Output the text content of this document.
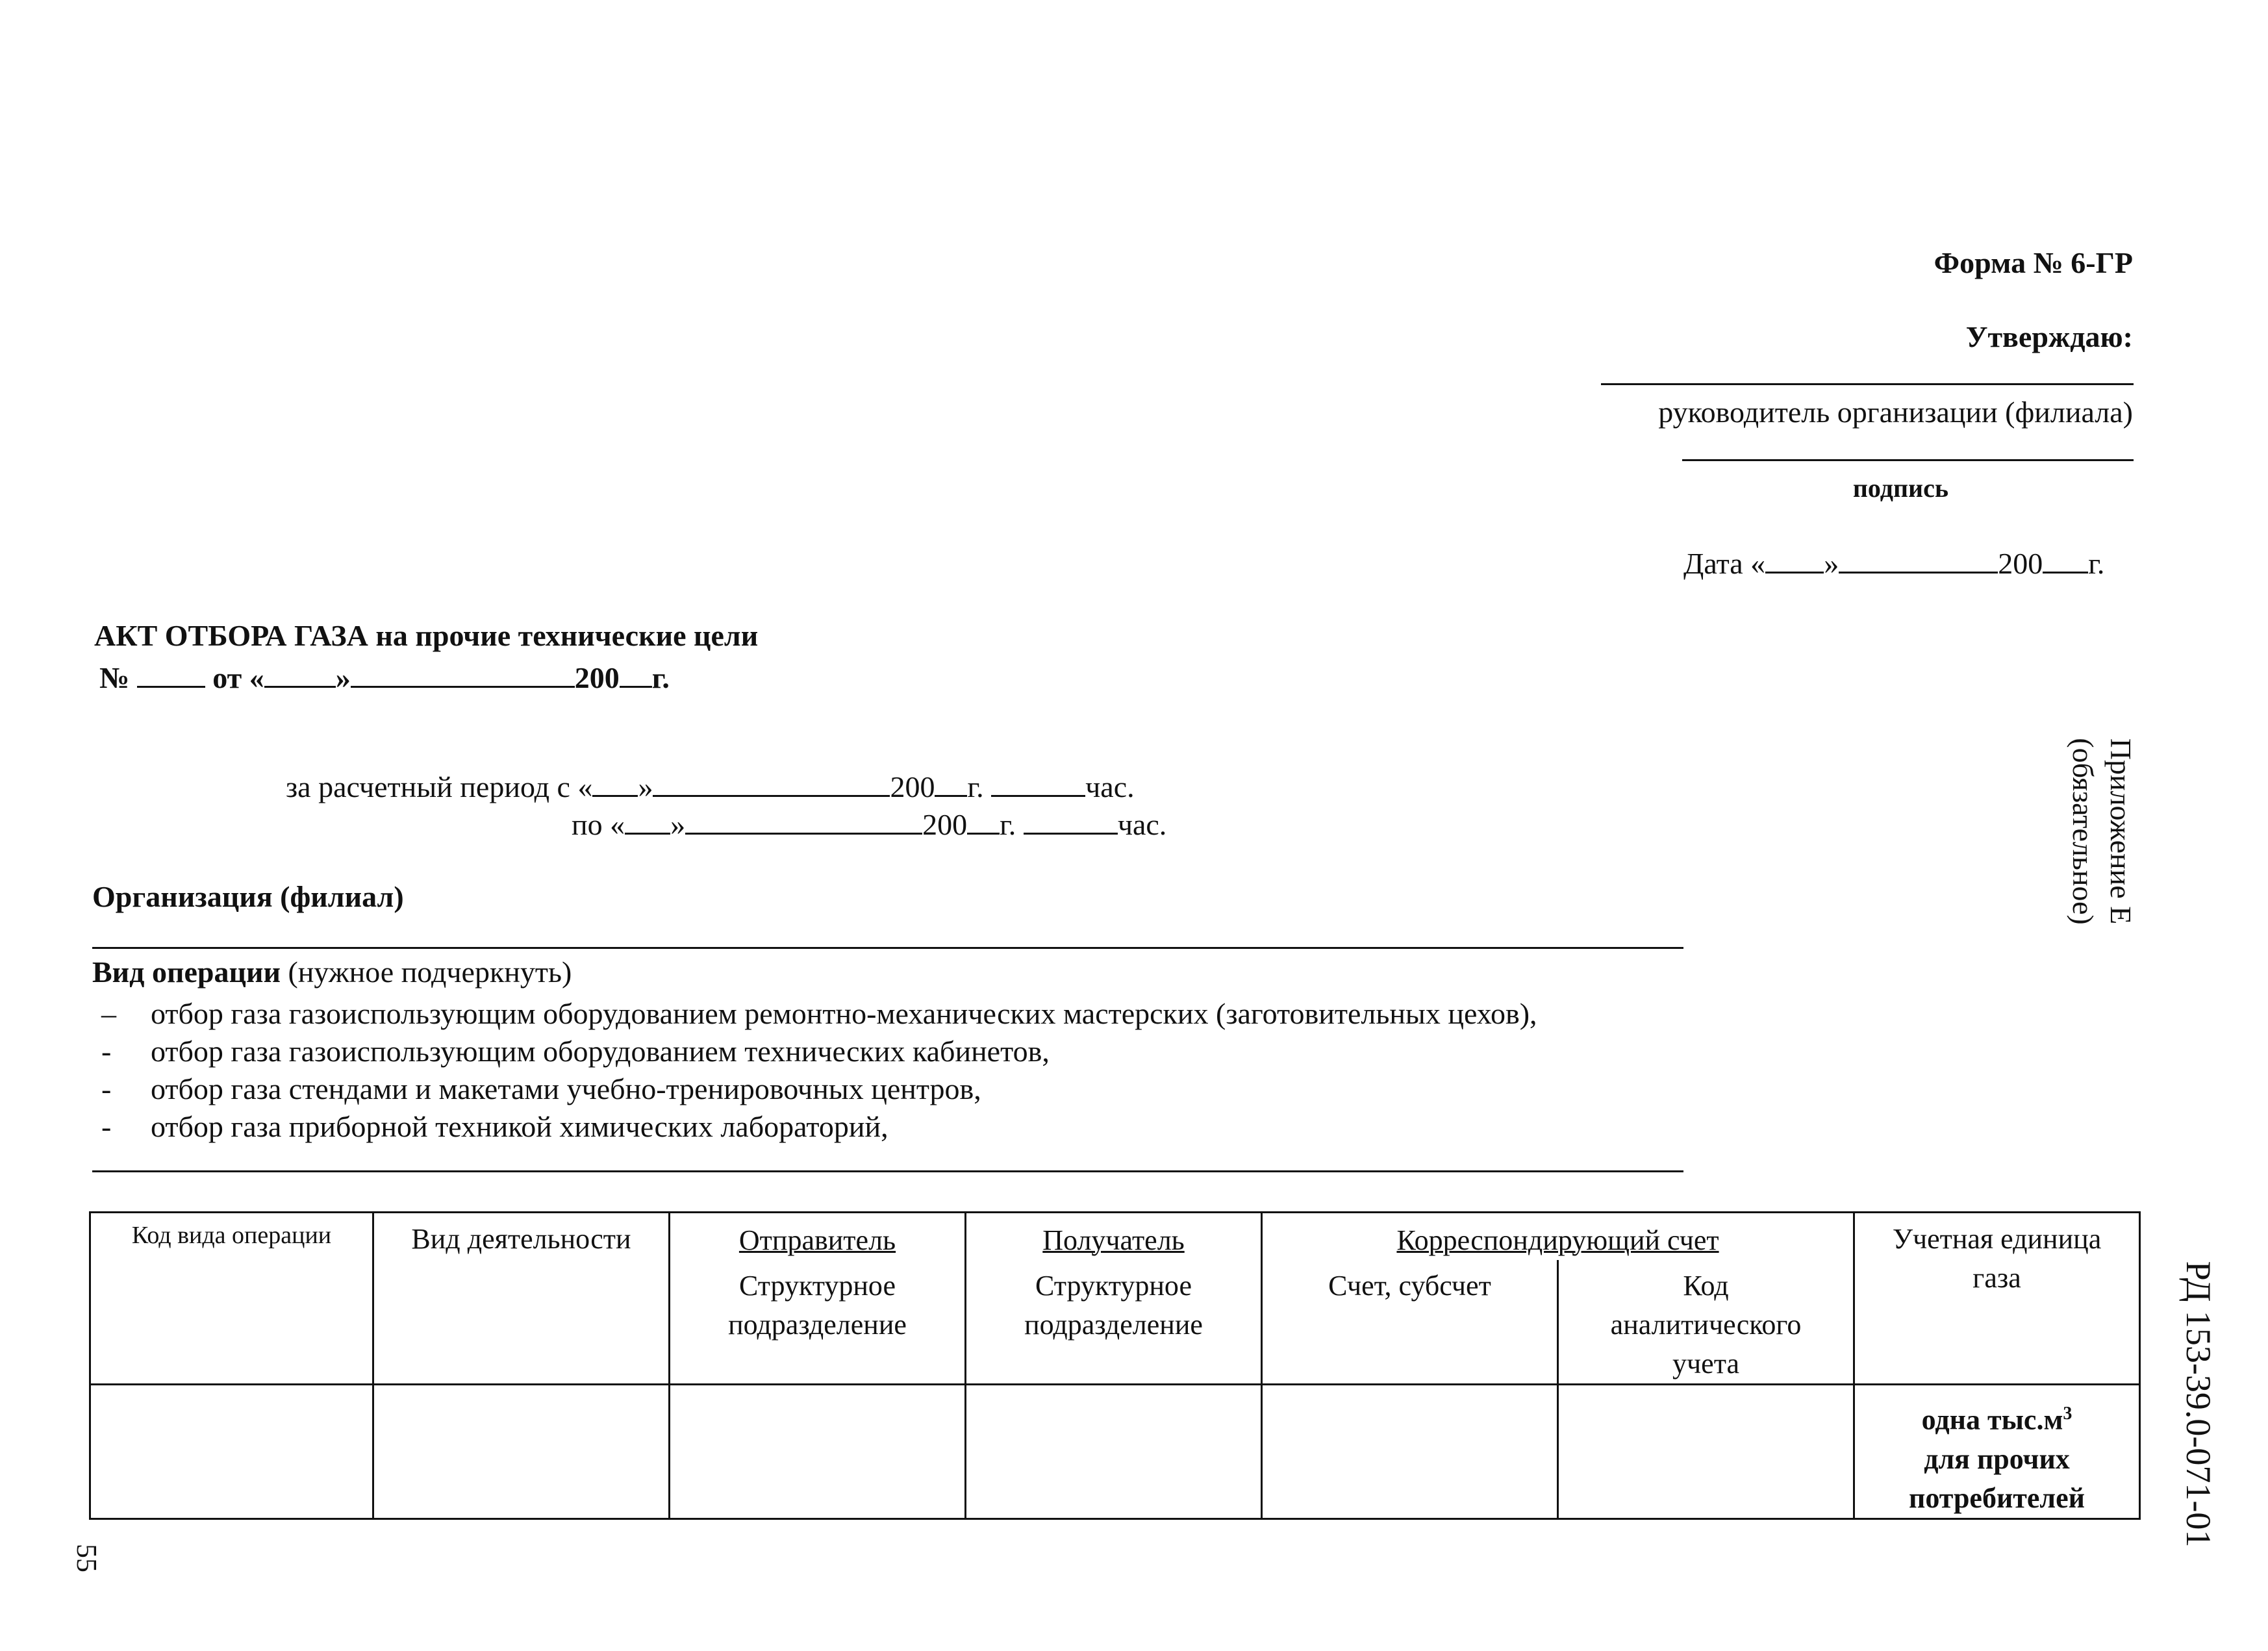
Форма № 6-ГР
Утверждаю:
руководитель организации (филиала)
подпись
Дата « »	200 г.
АКТ ОТБОРА ГАЗА на прочие технические цели
№	от « »	200 г.
за расчетный период с « »	200 г.	час.
по « »	200 г.	час.
Организация (филиал)
Вид операции (нужное подчеркнуть)
–	отбор газа газоиспользующим оборудованием ремонтно-механических мастерских (заготовительных цехов),
-	отбор газа газоиспользующим оборудованием технических кабинетов,
-	отбор газа стендами и макетами учебно-тренировочных центров,
-	отбор газа приборной техникой химических лабораторий,
Код вида операции	Вид деятельности	Отправитель	Получатель	Корреспондирующий счет		Учетная единица газа
		Структурное подразделение	Структурное подразделение	Счет, субсчет	Код аналитического учета	

						одна $тыс.м^3$
для прочих потребителей
Приложение Е
(обязательное)
РД 153-39.0-071-01
55
